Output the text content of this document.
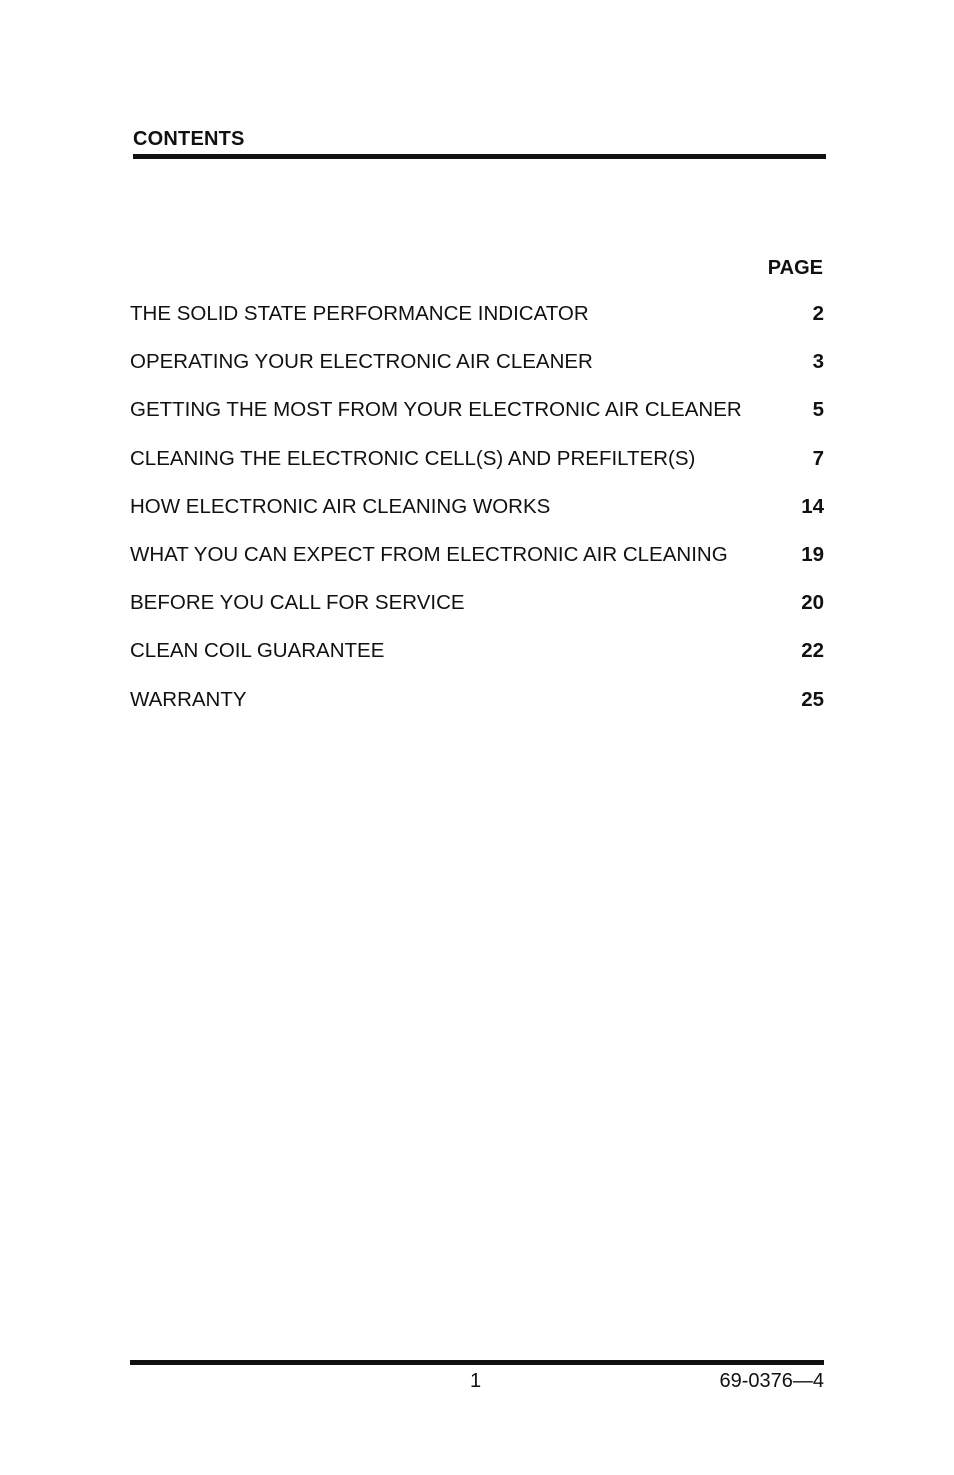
CONTENTS
PAGE
THE SOLID STATE PERFORMANCE INDICATOR	2
OPERATING YOUR ELECTRONIC AIR CLEANER	3
GETTING THE MOST FROM YOUR ELECTRONIC AIR CLEANER	5
CLEANING THE ELECTRONIC CELL(S) AND PREFILTER(S)	7
HOW ELECTRONIC AIR CLEANING WORKS	14
WHAT YOU CAN EXPECT FROM ELECTRONIC AIR CLEANING	19
BEFORE YOU CALL FOR SERVICE	20
CLEAN COIL GUARANTEE	22
WARRANTY	25
1	69-0376—4
